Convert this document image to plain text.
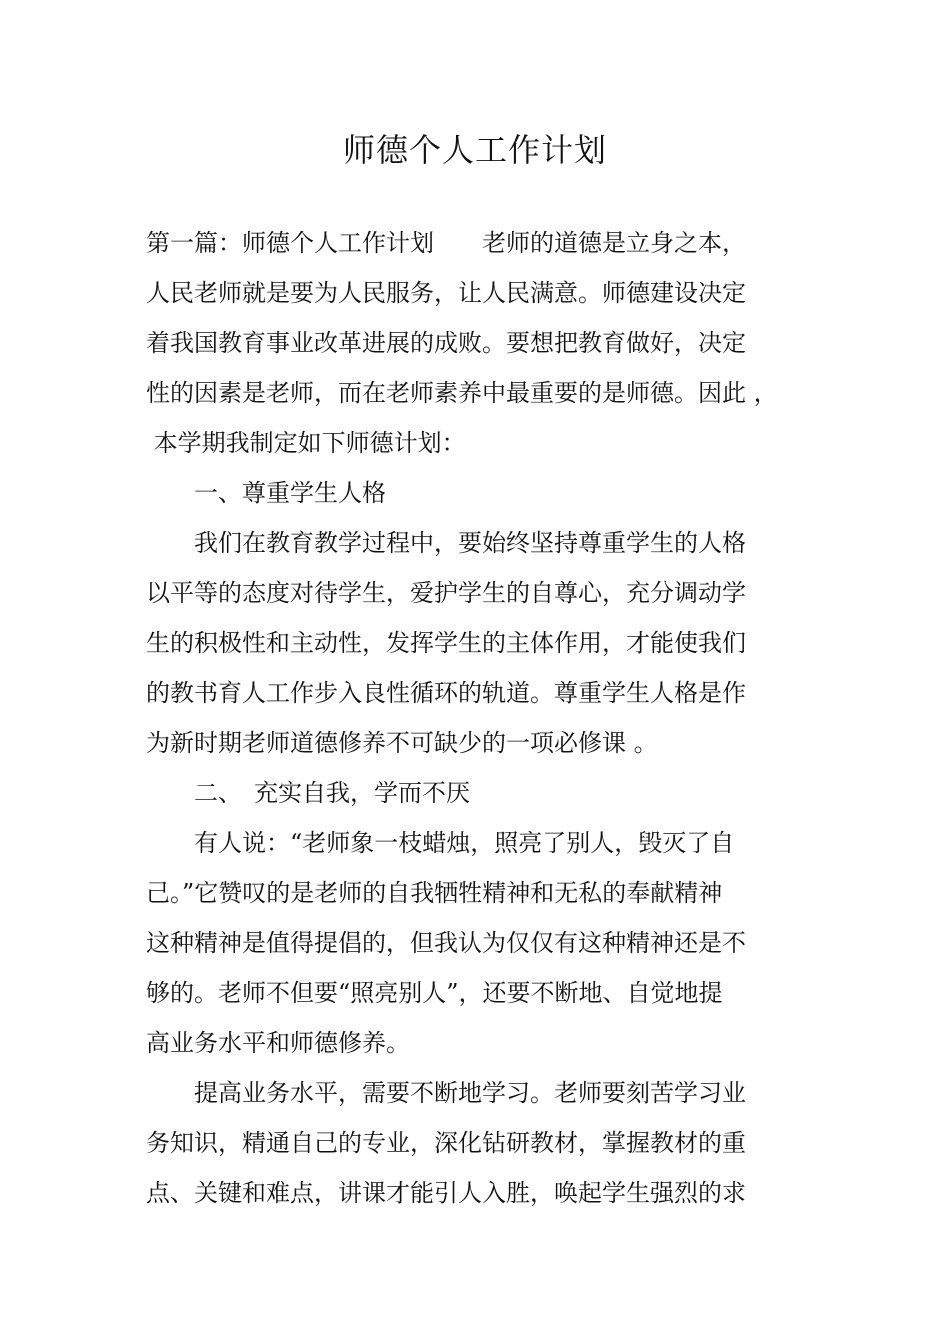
师德个人工作计划
第一篇：师德个人工作计划　　老师的道德是立身之本，
人民老师就是要为人民服务，让人民满意。师德建设决定
着我国教育事业改革进展的成败。要想把教育做好，决定
性的因素是老师，而在老师素养中最重要的是师德。因此 ，
本学期我制定如下师德计划：
　　一、尊重学生人格
　　我们在教育教学过程中，要始终坚持尊重学生的人格
以平等的态度对待学生，爱护学生的自尊心，充分调动学
生的积极性和主动性，发挥学生的主体作用，才能使我们
的教书育人工作步入良性循环的轨道。尊重学生人格是作
为新时期老师道德修养不可缺少的一项必修课 。
　　二、　充实自我，学而不厌
　　有人说：“老师象一枝蜡烛，照亮了别人，毁灭了自
己。”它赞叹的是老师的自我牺牲精神和无私的奉献精神
这种精神是值得提倡的，但我认为仅仅有这种精神还是不
够的。老师不但要“照亮别人”，还要不断地、自觉地提
高业务水平和师德修养。
　　提高业务水平，需要不断地学习。老师要刻苦学习业
务知识，精通自己的专业，深化钻研教材，掌握教材的重
点、关键和难点，讲课才能引人入胜，唤起学生强烈的求
